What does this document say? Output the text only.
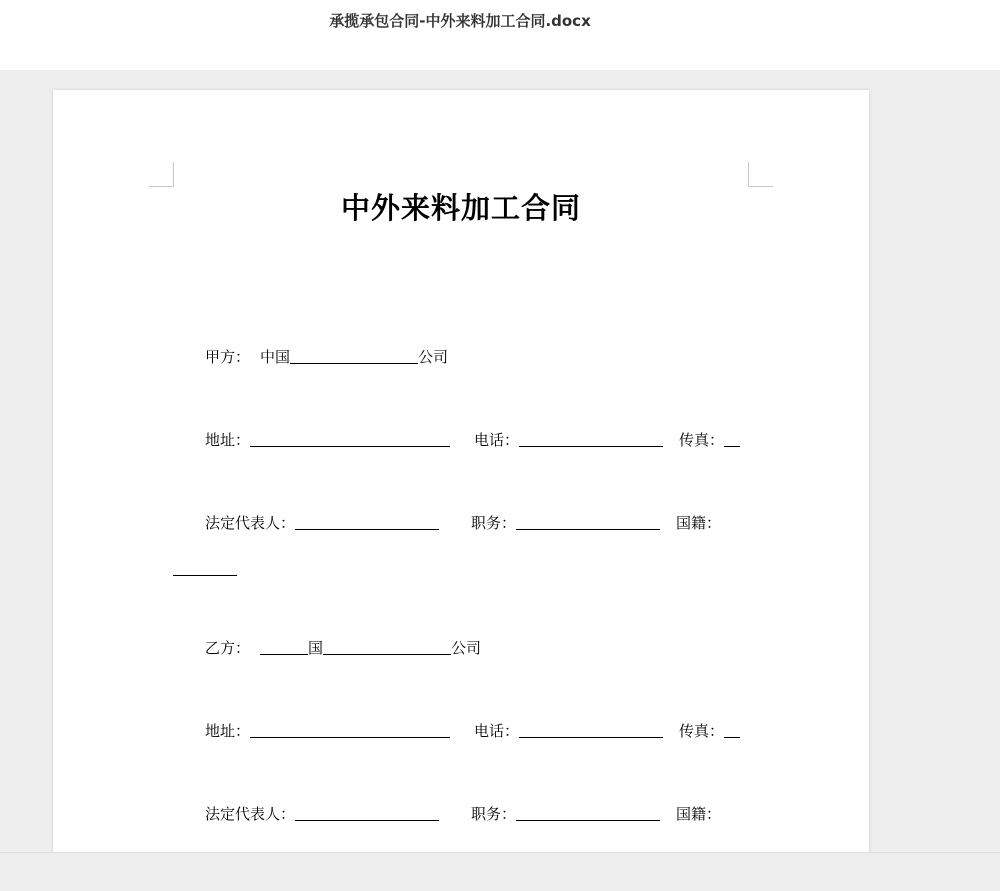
承揽承包合同-中外来料加工合同.docx
中外来料加工合同
甲方： 中国	公司
地址：	电话：	传真：
法定代表人：	职务：	国籍：
乙方：	国	公司
地址：	电话：	传真：
法定代表人：	职务：	国籍：
